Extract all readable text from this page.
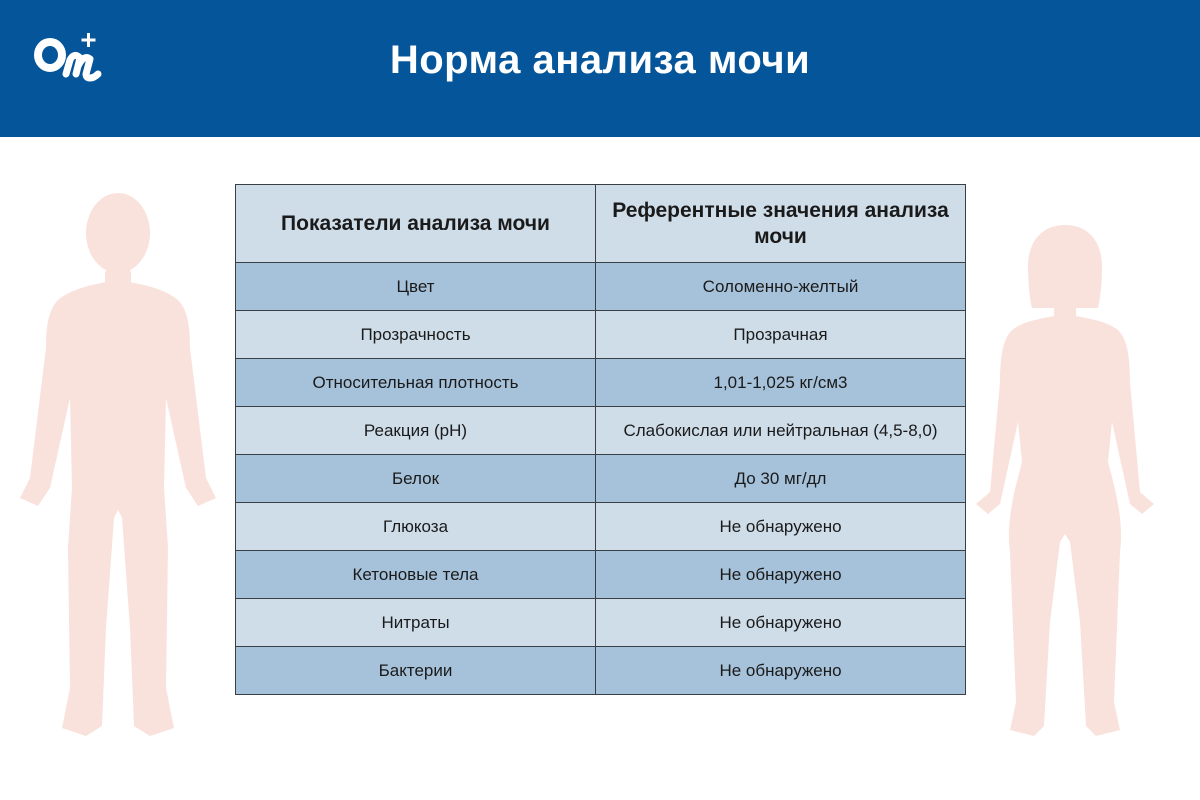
Норма анализа мочи
Показатели анализа мочи	Референтные значения анализа мочи
Цвет	Соломенно-желтый
Прозрачность	Прозрачная
Относительная плотность	1,01-1,025 кг/см3
Реакция (рН)	Слабокислая или нейтральная (4,5-8,0)
Белок	До 30 мг/дл
Глюкоза	Не обнаружено
Кетоновые тела	Не обнаружено
Нитраты	Не обнаружено
Бактерии	Не обнаружено
